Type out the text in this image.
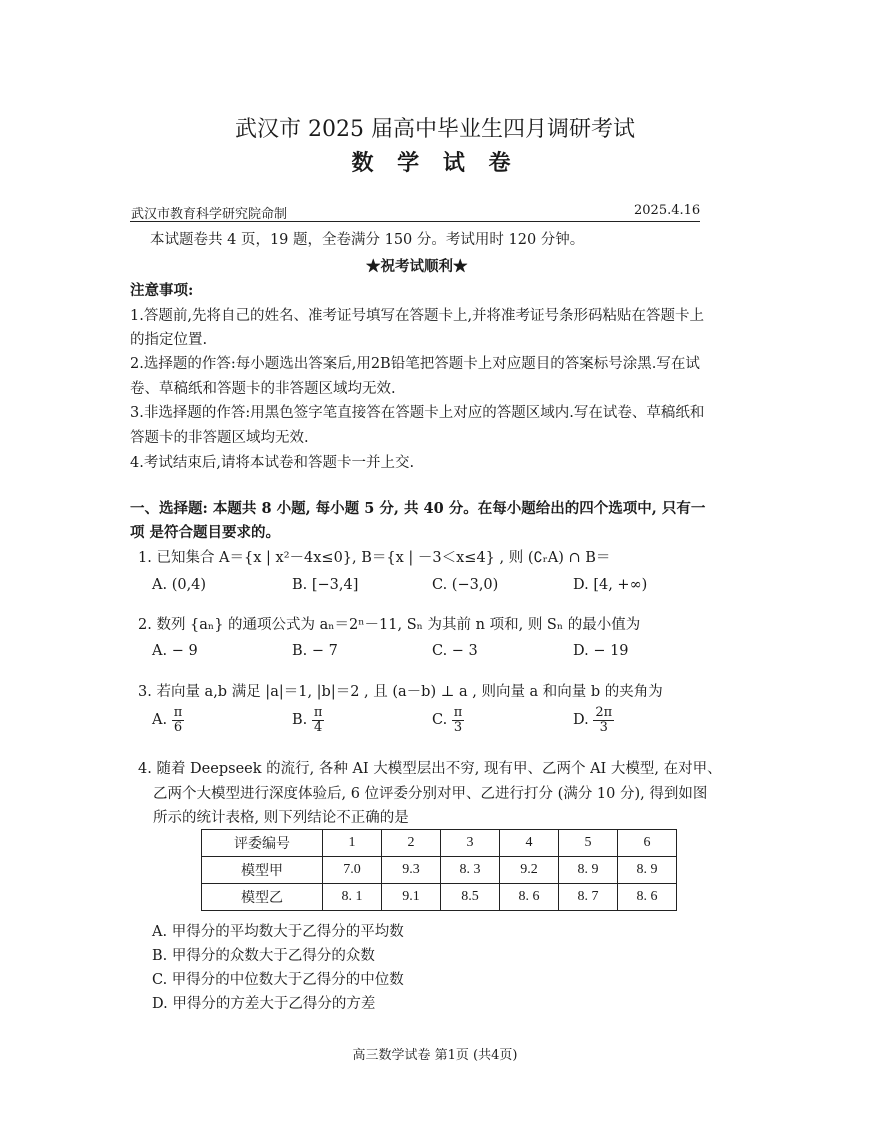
武汉市 2025 届高中毕业生四月调研考试
数 学 试 卷
武汉市教育科学研究院命制	2025.4.16
本试题卷共 4 页，19 题，全卷满分 150 分。考试用时 120 分钟。
★祝考试顺利★
注意事项:
1.答题前,先将自己的姓名、准考证号填写在答题卡上,并将准考证号条形码粘贴在答题卡上
的指定位置.
2.选择题的作答:每小题选出答案后,用2B铅笔把答题卡上对应题目的答案标号涂黑.写在试
卷、草稿纸和答题卡的非答题区域均无效.
3.非选择题的作答:用黑色签字笔直接答在答题卡上对应的答题区域内.写在试卷、草稿纸和
答题卡的非答题区域均无效.
4.考试结束后,请将本试卷和答题卡一并上交.
一、选择题: 本题共 8 小题, 每小题 5 分, 共 40 分。在每小题给出的四个选项中, 只有一
项 是符合题目要求的。
1. 已知集合 A＝{x | x²－4x≤0}, B＝{x | －3＜x≤4} , 则 (∁ᵣA) ∩ B＝
A. (0,4)	B. [−3,4]	C. (−3,0)	D. [4, +∞)
2. 数列 {aₙ} 的通项公式为 aₙ＝2ⁿ－11, Sₙ 为其前 n 项和, 则 Sₙ 的最小值为
A. − 9	B. − 7	C. − 3	D. − 19
3. 若向量 a,b 满足 |a|＝1, |b|＝2 , 且 (a－b) ⊥ a , 则向量 a 和向量 b 的夹角为
A. $\frac{\pi}{6}$	B. $\frac{\pi}{4}$	C. $\frac{\pi}{3}$	D. $\frac{2\pi}{3}$
4. 随着 Deepseek 的流行, 各种 AI 大模型层出不穷, 现有甲、乙两个 AI 大模型, 在对甲、
乙两个大模型进行深度体验后, 6 位评委分别对甲、乙进行打分 (满分 10 分), 得到如图
所示的统计表格, 则下列结论不正确的是
评委编号	1	2	3	4	5	6
模型甲	7.0	9.3	8. 3	9.2	8. 9	8. 9
模型乙	8. 1	9.1	8.5	8. 6	8. 7	8. 6
A. 甲得分的平均数大于乙得分的平均数
B. 甲得分的众数大于乙得分的众数
C. 甲得分的中位数大于乙得分的中位数
D. 甲得分的方差大于乙得分的方差
高三数学试卷 第1页 (共4页)
